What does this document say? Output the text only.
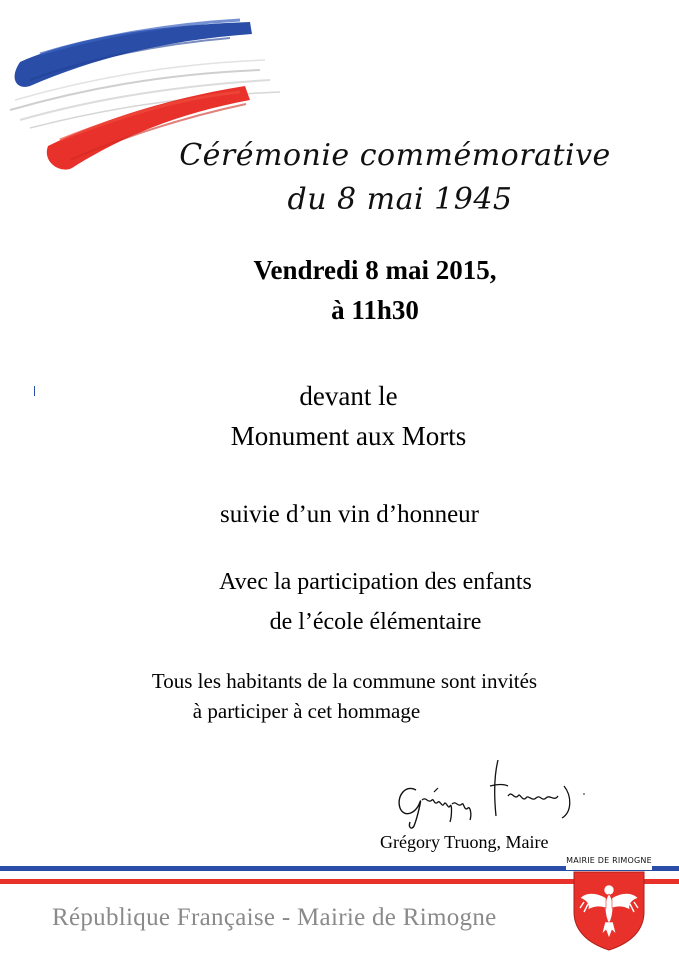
Cérémonie commémorative
du 8 mai 1945
Vendredi 8 mai 2015,
à 11h30
devant le
Monument aux Morts
suivie d’un vin d’honneur
Avec la participation des enfants
de l’école élémentaire
Tous les habitants de la commune sont invités
à participer à cet hommage
Grégory Truong, Maire
République Française - Mairie de Rimogne
MAIRIE DE RIMOGNE
